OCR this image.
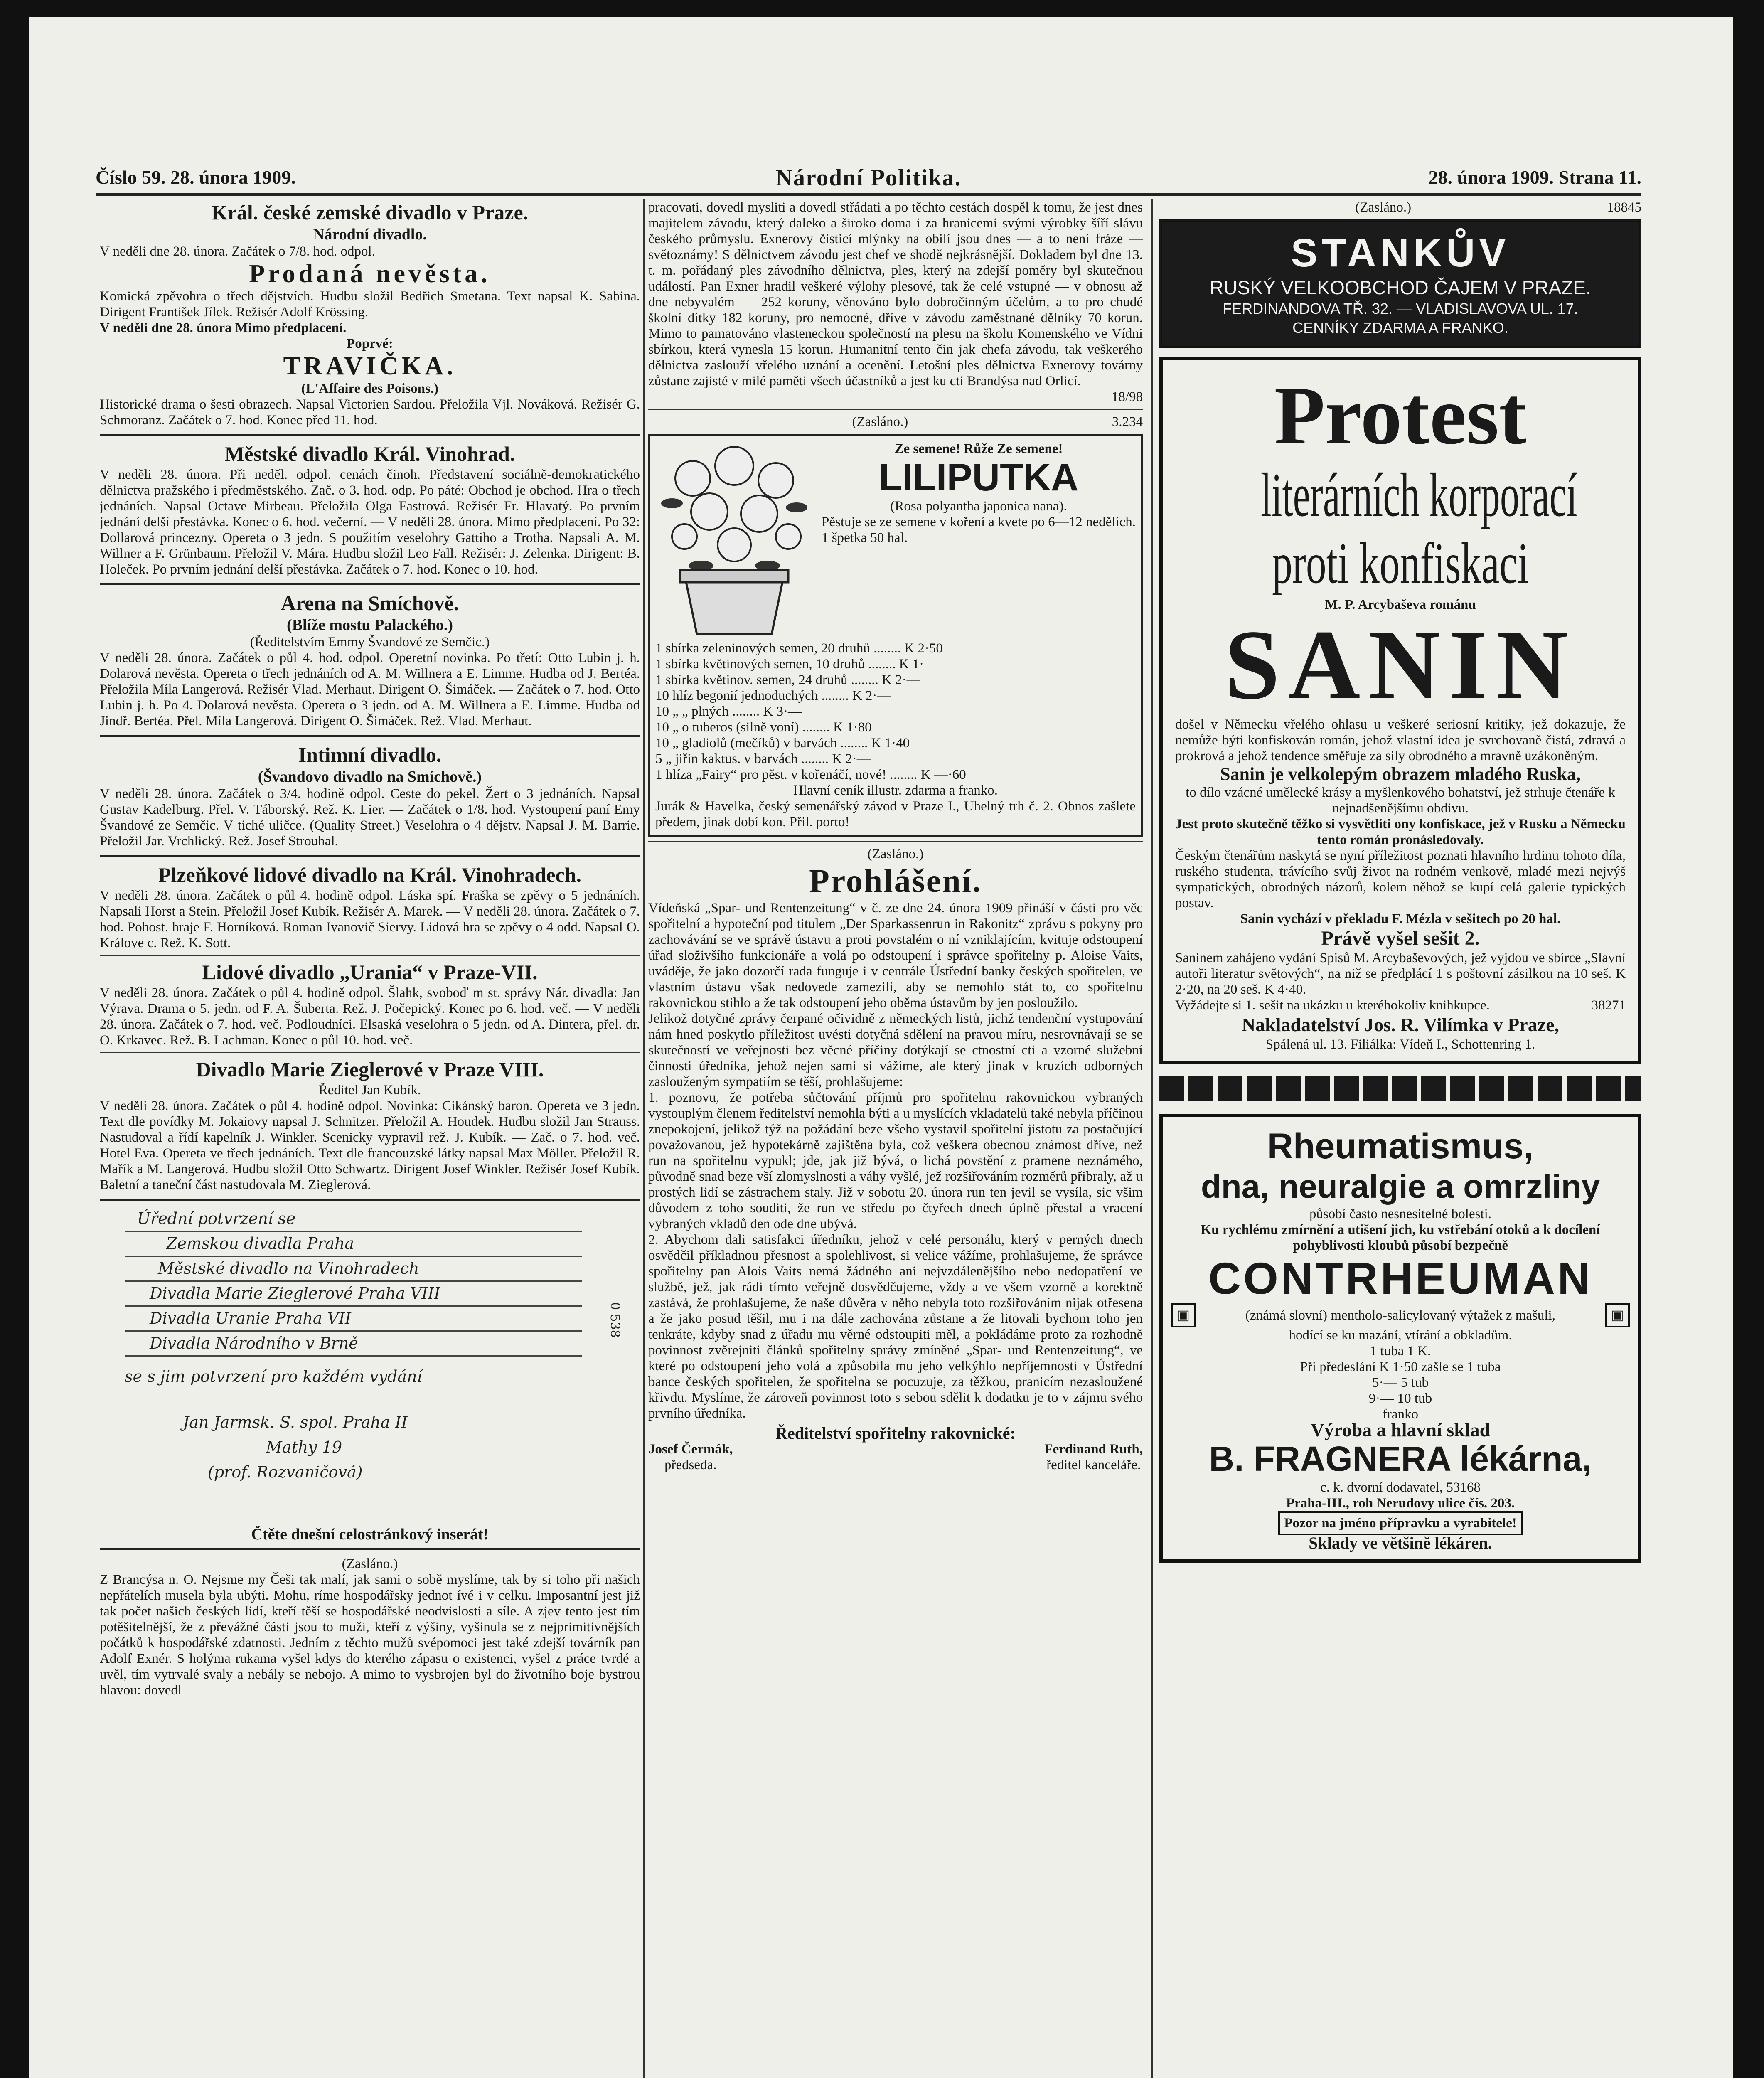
Číslo 59. 28. února 1909.	Národní Politika.	28. února 1909. Strana 11.
Král. české zemské divadlo v Praze.
Národní divadlo.

V neděli dne 28. února. Začátek o 7/8. hod. odpol.

Prodaná nevěsta.

Komická zpěvohra o třech dějstvích. Hudbu složil Bedřich Smetana. Text napsal K. Sabina. Dirigent František Jílek. Režisér Adolf Krössing.

V neděli dne 28. února Mimo předplacení.

Poprvé:
TRAVIČKA.
(L'Affaire des Poisons.)

Historické drama o šesti obrazech. Napsal Victorien Sardou. Přeložila Vjl. Nováková. Režisér G. Schmoranz. Začátek o 7. hod. Konec před 11. hod.

Městské divadlo Král. Vinohrad.

V neděli 28. února. Při neděl. odpol. cenách činoh. Představení sociálně-demokratického dělnictva pražského i předměstského. Zač. o 3. hod. odp. Po páté: Obchod je obchod. Hra o třech jednáních. Napsal Octave Mirbeau. Přeložila Olga Fastrová. Režisér Fr. Hlavatý. Po prvním jednání delší přestávka. Konec o 6. hod. večerní. — V neděli 28. února. Mimo předplacení. Po 32: Dollarová princezny. Opereta o 3 jedn. S použitím veselohry Gattiho a Trotha. Napsali A. M. Willner a F. Grünbaum. Přeložil V. Mára. Hudbu složil Leo Fall. Režisér: J. Zelenka. Dirigent: B. Holeček. Po prvním jednání delší přestávka. Začátek o 7. hod. Konec o 10. hod.

Arena na Smíchově.
(Blíže mostu Palackého.)
(Ředitelstvím Emmy Švandové ze Semčic.)

V neděli 28. února. Začátek o půl 4. hod. odpol. Operetní novinka. Po třetí: Otto Lubin j. h. Dolarová nevěsta. Opereta o třech jednáních od A. M. Willnera a E. Limme. Hudba od J. Bertéa. Přeložila Míla Langerová. Režisér Vlad. Merhaut. Dirigent O. Šimáček. — Začátek o 7. hod. Otto Lubin j. h. Po 4. Dolarová nevěsta. Opereta o 3 jedn. od A. M. Willnera a E. Limme. Hudba od Jindř. Bertéa. Přel. Míla Langerová. Dirigent O. Šimáček. Rež. Vlad. Merhaut.

Intimní divadlo.
(Švandovo divadlo na Smíchově.)

V neděli 28. února. Začátek o 3/4. hodině odpol. Ceste do pekel. Žert o 3 jednáních. Napsal Gustav Kadelburg. Přel. V. Táborský. Rež. K. Lier. — Začátek o 1/8. hod. Vystoupení paní Emy Švandové ze Semčic. V tiché uličce. (Quality Street.) Veselohra o 4 dějstv. Napsal J. M. Barrie. Přeložil Jar. Vrchlický. Rež. Josef Strouhal.

Plzeňkové lidové divadlo na Král. Vinohradech.

V neděli 28. února. Začátek o půl 4. hodině odpol. Láska spí. Fraška se zpěvy o 5 jednáních. Napsali Horst a Stein. Přeložil Josef Kubík. Režisér A. Marek. — V neděli 28. února. Začátek o 7. hod. Pohost. hraje F. Horníková. Roman Ivanovič Siervy. Lidová hra se zpěvy o 4 odd. Napsal O. Králove c. Rež. K. Sott.

Lidové divadlo „Urania“ v Praze-VII.

V neděli 28. února. Začátek o půl 4. hodině odpol. Šlahk, svoboď m st. správy Nár. divadla: Jan Výrava. Drama o 5. jedn. od F. A. Šuberta. Rež. J. Počepický. Konec po 6. hod. več. — V neděli 28. února. Začátek o 7. hod. več. Podloudníci. Elsaská veselohra o 5 jedn. od A. Dintera, přel. dr. O. Krkavec. Rež. B. Lachman. Konec o půl 10. hod. več.

Divadlo Marie Zieglerové v Praze VIII.
Ředitel Jan Kubík.

V neděli 28. února. Začátek o půl 4. hodině odpol. Novinka: Cikánský baron. Opereta ve 3 jedn. Text dle povídky M. Jokaiovy napsal J. Schnitzer. Přeložil A. Houdek. Hudbu složil Jan Strauss. Nastudoval a řídí kapelník J. Winkler. Scenicky vypravil rež. J. Kubík. — Zač. o 7. hod. več. Hotel Eva. Opereta ve třech jednáních. Text dle francouzské látky napsal Max Möller. Přeložil R. Mařík a M. Langerová. Hudbu složil Otto Schwartz. Dirigent Josef Winkler. Režisér Josef Kubík. Baletní a taneční část nastudovala M. Zieglerová.

Úřední potvrzení se
Zemskou divadla Praha
Městské divadlo na Vinohradech
Divadla Marie Zieglerové Praha VIII
Divadla Uranie Praha VII
Divadla Národního v Brně
se s jim potvrzení pro každém vydání
Jan Jarmsk. S. spol. Praha II
Mathy 19
(prof. Rozvaničová)
0 538
Čtěte dnešní celostránkový inserát!
(Zasláno.)

Z Brancýsa n. O. Nejsme my Češi tak malí, jak sami o sobě myslíme, tak by si toho při našich nepřátelích musela byla ubýti. Mohu, ríme hospodářsky jednot ívé i v celku. Imposantní jest již tak počet našich českých lidí, kteří těší se hospodářské neodvislosti a síle. A zjev tento jest tím potěšitelnější, že z převážné části jsou to muži, kteří z výšiny, vyšinula se z nejprimitivnějších počátků k hospodářské zdatnosti. Jedním z těchto mužů svépomoci jest také zdejší továrník pan Adolf Exnér. S holýma rukama vyšel kdys do kterého zápasu o existenci, vyšel z práce tvrdé a uvěl, tím vytrvalé svaly a nebály se nebojo. A mimo to vysbrojen byl do životního boje bystrou hlavou: dovedl

pracovati, dovedl mysliti a dovedl střádati a po těchto cestách dospěl k tomu, že jest dnes majitelem závodu, který daleko a široko doma i za hranicemi svými výrobky šíří slávu českého průmyslu. Exnerovy čisticí mlýnky na obilí jsou dnes — a to není fráze — světoznámy! S dělnictvem závodu jest chef ve shodě nejkrásnější. Dokladem byl dne 13. t. m. pořádaný ples závodního dělnictva, ples, který na zdejší poměry byl skutečnou událostí. Pan Exner hradil veškeré výlohy plesové, tak že celé vstupné — v obnosu až dne nebyvalém — 252 koruny, věnováno bylo dobročinným účelům, a to pro chudé školní dítky 182 koruny, pro nemocné, dříve v závodu zaměstnané dělníky 70 korun. Mimo to pamatováno vlasteneckou společností na plesu na školu Komenského ve Vídni sbírkou, která vynesla 15 korun. Humanitní tento čin jak chefa závodu, tak veškerého dělnictva zaslouží vřelého uznání a ocenění. Letošní ples dělnictva Exnerovy továrny zůstane zajisté v milé paměti všech účastníků a jest ku cti Brandýsa nad Orlicí.

18/98
(Zasláno.)	3.234
Ze semene! Růže Ze semene!
LILIPUTKA
(Rosa polyantha japonica nana).

Pěstuje se ze semene v koření a kvete po 6—12 nedělích. 1 špetka 50 hal.

1 sbírka zeleninových semen, 20 druhů ........ K 2·50
1 sbírka květinových semen, 10 druhů ........ K 1·—
1 sbírka květinov. semen, 24 druhů ........ K 2·—
10 hlíz begonií jednoduchých ........ K 2·—
10 „ „ plných ........ K 3·—
10 „ o tuberos (silně voní) ........ K 1·80
10 „ gladiolů (mečíků) v barvách ........ K 1·40
5 „ jiřin kaktus. v barvách ........ K 2·—
1 hlíza „Fairy“ pro pěst. v kořenáčí, nové! ........ K —·60
Hlavní ceník illustr. zdarma a franko.

Jurák & Havelka, český semenářský závod v Praze I., Uhelný trh č. 2. Obnos zašlete předem, jinak dobí kon. Přil. porto!

(Zasláno.)
Prohlášení.

Vídeňská „Spar- und Rentenzeitung“ v č. ze dne 24. února 1909 přináší v části pro věc spořitelní a hypoteční pod titulem „Der Sparkassenrun in Rakonitz“ zprávu s pokyny pro zachovávání se ve správě ústavu a proti povstalém o ní vzniklajícím, kvituje odstoupení úřad složivšího funkcionáře a volá po odstoupení i správce spořitelny p. Aloise Vaits, uváděje, že jako dozorčí rada funguje i v centrále Ústřední banky českých spořitelen, ve vlastním ústavu však nedovede zamezili, aby se nemohlo stát to, co spořitelnu rakovnickou stihlo a že tak odstoupení jeho oběma ústavům by jen posloužilo.

Jelikož dotyčné zprávy čerpané očividně z německých listů, jichž tendenční vystupování nám hned poskytlo příležitost uvésti dotyčná sdělení na pravou míru, nesrovnávají se se skutečností ve veřejnosti bez věcné příčiny dotýkají se ctnostní cti a vzorné služební činnosti úředníka, jehož nejen sami si vážíme, ale který jinak v kruzích odborných zaslouženým sympatiím se těší, prohlašujeme:

1. poznovu, že potřeba sůčtování příjmů pro spořitelnu rakovnickou vybraných vystouplým členem ředitelství nemohla býti a u myslících vkladatelů také nebyla příčinou znepokojení, jelikož týž na požádání beze všeho vystavil spořitelní jistotu za postačující považovanou, jež hypotekárně zajištěna byla, což veškera obecnou známost dříve, než run na spořitelnu vypukl; jde, jak již bývá, o lichá povstění z pramene neznámého, původně snad beze vší zlomyslnosti a váhy vyšlé, jež rozšiřováním rozměrů přibraly, až u prostých lidí se zástrachem staly. Již v sobotu 20. února run ten jevil se vysíla, sic všim důvodem z toho souditi, že run ve středu po čtyřech dnech úplně přestal a vracení vybraných vkladů den ode dne ubývá.

2. Abychom dali satisfakci úředníku, jehož v celé personálu, který v perných dnech osvědčil příkladnou přesnost a spolehlivost, si velice vážíme, prohlašujeme, že správce spořitelny pan Alois Vaits nemá žádného ani nejvzdálenějšího nebo nedopatření ve službě, jež, jak rádi tímto veřejně dosvědčujeme, vždy a ve všem vzorně a korektně zastává, že prohlašujeme, že naše důvěra v něho nebyla toto rozšiřováním nijak otřesena a že jako posud těšil, mu i na dále zachována zůstane a že litovali bychom toho jen tenkráte, kdyby snad z úřadu mu věrné odstoupiti měl, a pokládáme proto za rozhodně povinnost zvěrejniti článků spořitelny správy zmíněné „Spar- und Rentenzeitung“, ve které po odstoupení jeho volá a způsobila mu jeho velkýhlo nepříjemnosti v Ústřední bance českých spořitelen, že spořitelna se pocuzuje, za těžkou, pranicím nezasloužené křivdu. Myslíme, že zároveň povinnost toto s sebou sdělit k dodatku je to v zájmu svého prvního úředníka.

Ředitelství spořitelny rakovnické:
Josef Čermák,
předseda.
Ferdinand Ruth,
ředitel kanceláře.
(Zasláno.)	18845
STANKŮV
RUSKÝ VELKOOBCHOD ČAJEM V PRAZE.
FERDINANDOVA TŘ. 32. — VLADISLAVOVA UL. 17.
CENNÍKY ZDARMA A FRANKO.
Protest
literárních korporací
proti konfiskaci
M. P. Arcybaševa románu
SANIN

došel v Německu vřelého ohlasu u veškeré seriosní kritiky, jež dokazuje, že nemůže býti konfiskován román, jehož vlastní idea je svrchovaně čistá, zdravá a prokrová a jehož tendence směřuje za sily obrodného a mravně uzákoněným.

Sanin je velkolepým obrazem mladého Ruska,
to dílo vzácné umělecké krásy a myšlenkového bohatství, jež strhuje čtenáře k nejnadšenějšímu obdivu.
Jest proto skutečně těžko si vysvětliti ony konfiskace, jež v Rusku a Německu tento román pronásledovaly.

Českým čtenářům naskytá se nyní příležitost poznati hlavního hrdinu tohoto díla, ruského studenta, trávícího svůj život na rodném venkově, mladé mezi nejvýš sympatických, obrodných názorů, kolem něhož se kupí celá galerie typických postav.

Sanin vychází v překladu F. Mézla v sešitech po 20 hal.
Právě vyšel sešit 2.

Saninem zahájeno vydání Spisů M. Arcybaševových, jež vyjdou ve sbírce „Slavní autoři literatur světových“, na niž se předplácí 1 s poštovní zásilkou na 10 seš. K 2·20, na 20 seš. K 4·40.

Vyžádejte si 1. sešit na ukázku u kteréhokoliv knihkupce.	38271
Nakladatelství Jos. R. Vilímka v Praze,
Spálená ul. 13. Filiálka: Vídeň I., Schottenring 1.
Rheumatismus,
dna, neuralgie a omrzliny
působí často nesnesitelné bolesti.
Ku rychlému zmírnění a utišení jich, ku vstřebání otoků a k docílení pohyblivosti kloubů působí bezpečně
CONTRHEUMAN
▣	(známá slovní) mentholo-salicylovaný výtažek z mašuli,	▣
hodící se ku mazání, vtírání a obkladům.
1 tuba 1 K.
Při předeslání K 1·50 zašle se 1 tuba
5·— 5 tub
9·— 10 tub
franko
Výroba a hlavní sklad
B. FRAGNERA lékárna,
c. k. dvorní dodavatel, 53168
Praha-III., roh Nerudovy ulice čís. 203.
Pozor na jméno přípravku a vyrabitele!
Sklady ve většině lékáren.
